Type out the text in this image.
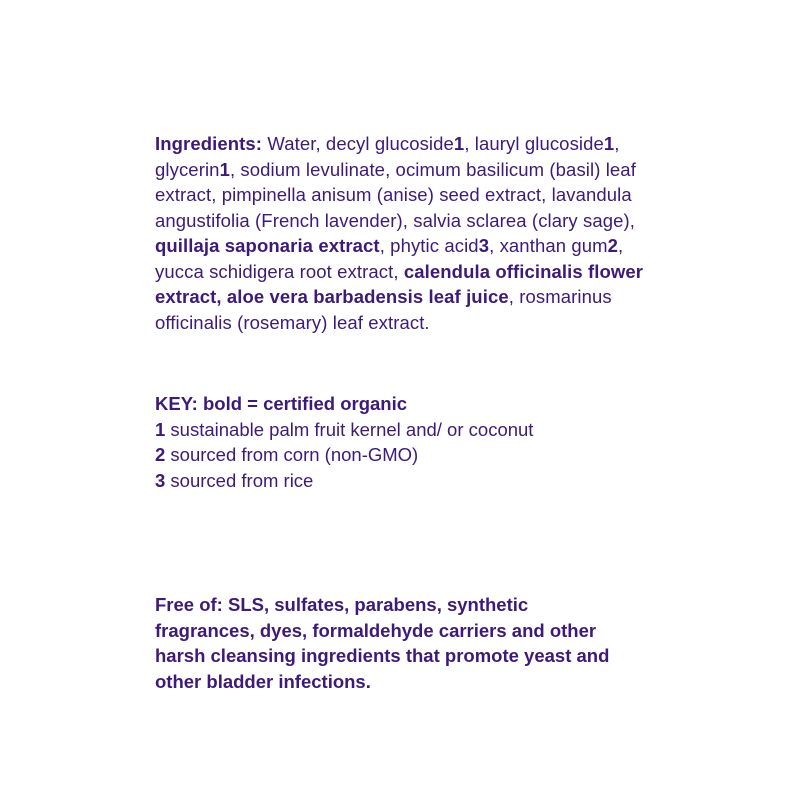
Ingredients: Water, decyl glucoside1, lauryl glucoside1, glycerin1, sodium levulinate, ocimum basilicum (basil) leaf extract, pimpinella anisum (anise) seed extract, lavandula angustifolia (French lavender), salvia sclarea (clary sage), quillaja saponaria extract, phytic acid3, xanthan gum2, yucca schidigera root extract, calendula officinalis flower extract, aloe vera barbadensis leaf juice, rosmarinus officinalis (rosemary) leaf extract.
KEY: bold = certified organic
1 sustainable palm fruit kernel and/ or coconut
2 sourced from corn (non-GMO)
3 sourced from rice
Free of: SLS, sulfates, parabens, synthetic fragrances, dyes, formaldehyde carriers and other harsh cleansing ingredients that promote yeast and other bladder infections.
